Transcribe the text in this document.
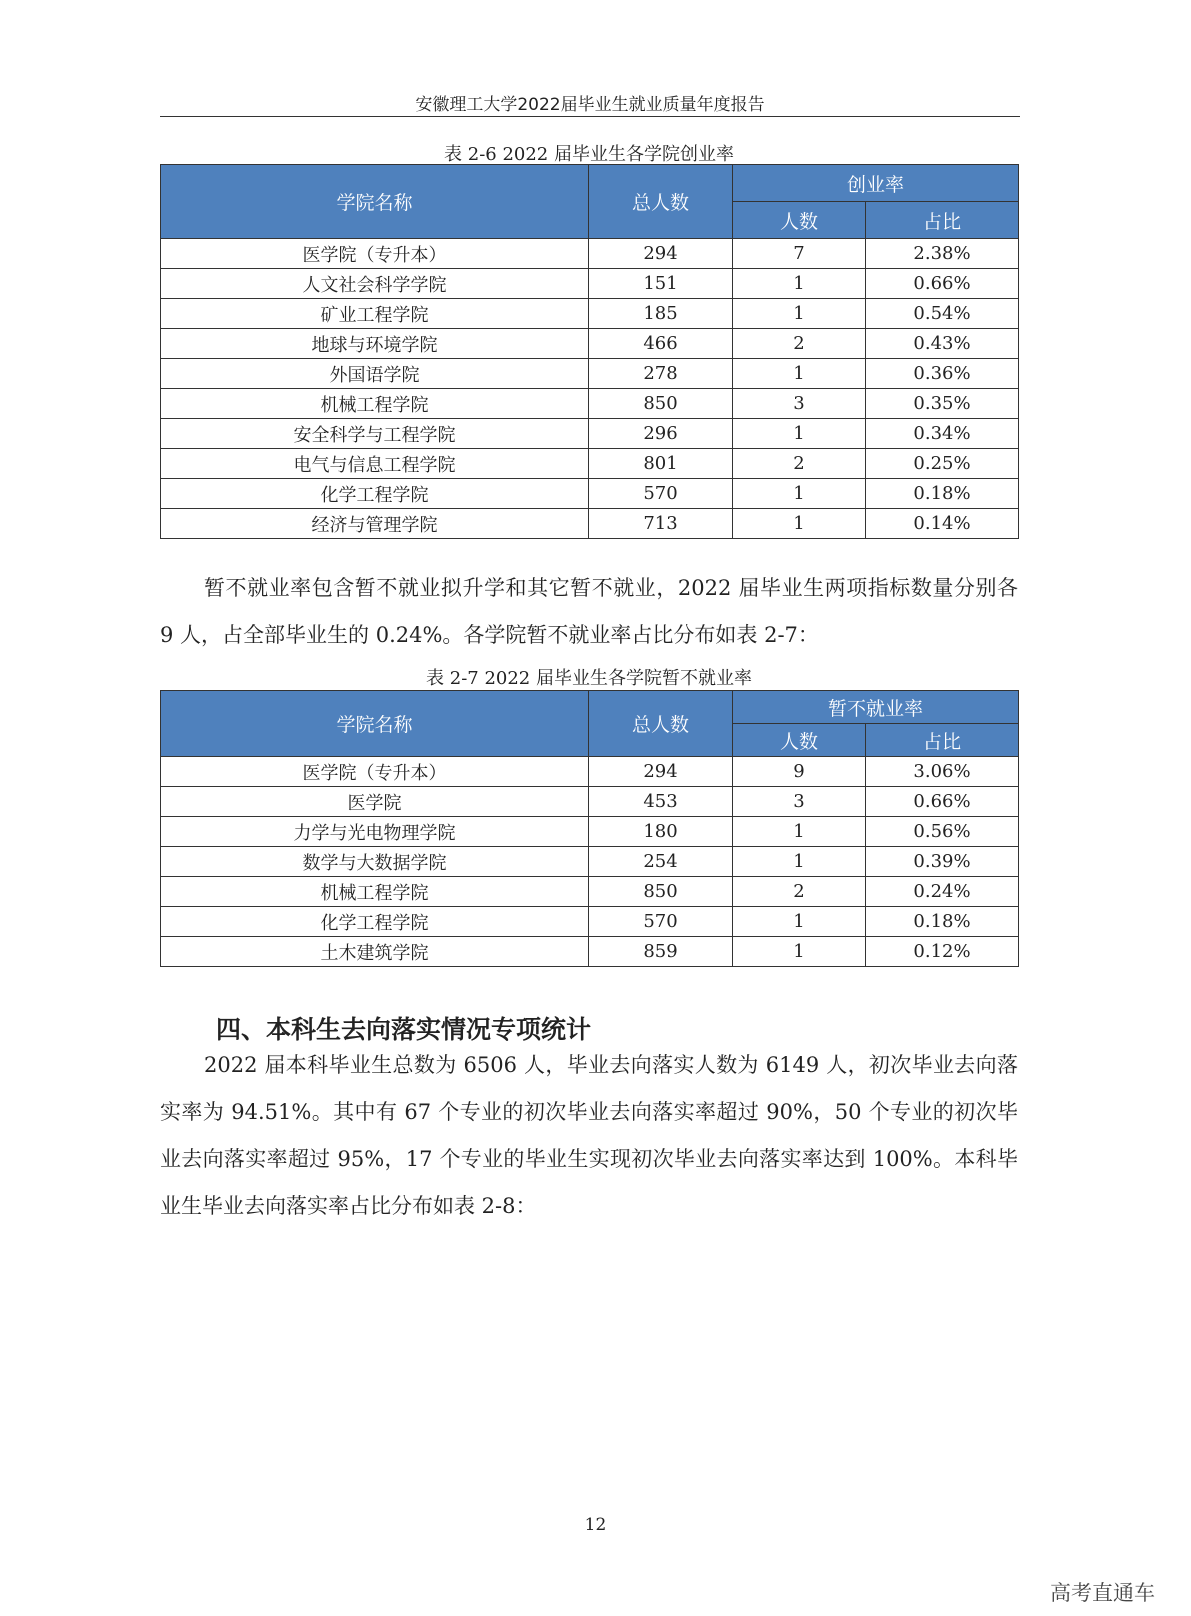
安徽理工大学2022届毕业生就业质量年度报告
表 2-6 2022 届毕业生各学院创业率
学院名称	总人数	创业率	
		人数	占比
医学院（专升本）	294	7	2.38%
人文社会科学学院	151	1	0.66%
矿业工程学院	185	1	0.54%
地球与环境学院	466	2	0.43%
外国语学院	278	1	0.36%
机械工程学院	850	3	0.35%
安全科学与工程学院	296	1	0.34%
电气与信息工程学院	801	2	0.25%
化学工程学院	570	1	0.18%
经济与管理学院	713	1	0.14%

暂不就业率包含暂不就业拟升学和其它暂不就业，2022 届毕业生两项指标数量分别各 9 人，占全部毕业生的 0.24%。各学院暂不就业率占比分布如表 2-7：

表 2-7 2022 届毕业生各学院暂不就业率
学院名称	总人数	暂不就业率	
		人数	占比
医学院（专升本）	294	9	3.06%
医学院	453	3	0.66%
力学与光电物理学院	180	1	0.56%
数学与大数据学院	254	1	0.39%
机械工程学院	850	2	0.24%
化学工程学院	570	1	0.18%
土木建筑学院	859	1	0.12%
四、本科生去向落实情况专项统计

2022 届本科毕业生总数为 6506 人，毕业去向落实人数为 6149 人，初次毕业去向落实率为 94.51%。其中有 67 个专业的初次毕业去向落实率超过 90%，50 个专业的初次毕业去向落实率超过 95%，17 个专业的毕业生实现初次毕业去向落实率达到 100%。本科毕业生毕业去向落实率占比分布如表 2-8：

12
高考直通车
